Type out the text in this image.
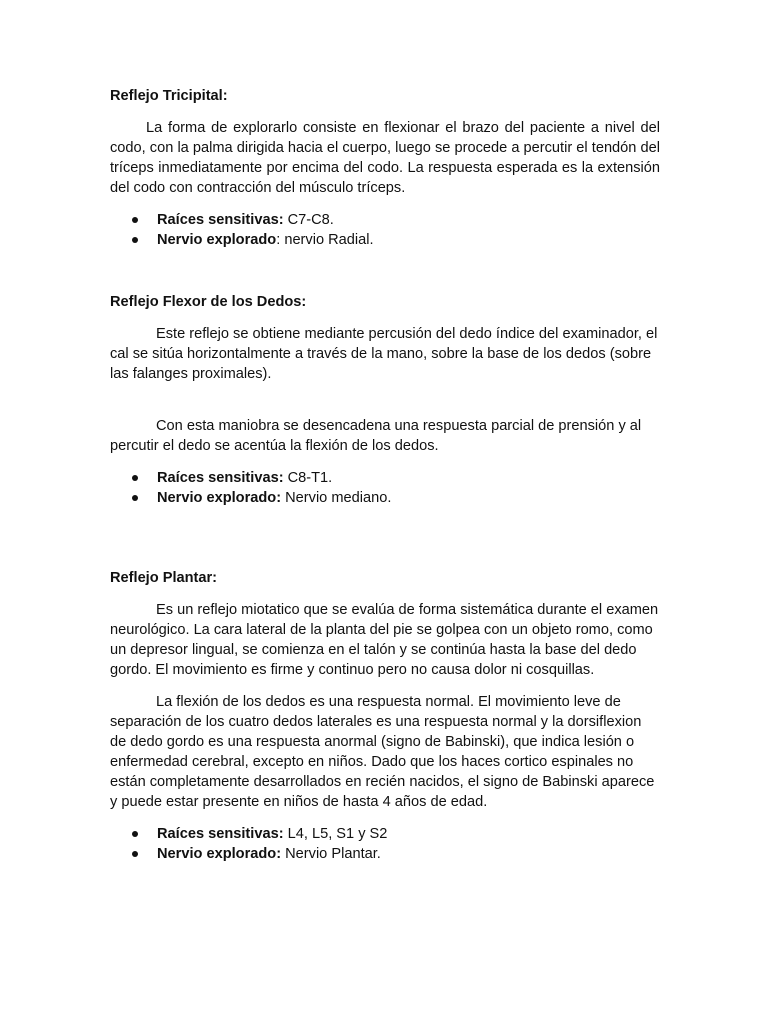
Reflejo Tricipital:

La forma de explorarlo consiste en flexionar el brazo del paciente a nivel del codo, con la palma dirigida hacia el cuerpo, luego se procede a percutir el tendón del tríceps inmediatamente por encima del codo. La respuesta esperada es la extensión del codo con contracción del músculo tríceps.

Raíces sensitivas: C7-C8.
Nervio explorado: nervio Radial.
Reflejo Flexor de los Dedos:

Este reflejo se obtiene mediante percusión del dedo índice del examinador, el cal se sitúa horizontalmente a través de la mano, sobre la base de los dedos (sobre las falanges proximales).

Con esta maniobra se desencadena una respuesta parcial de prensión y al percutir el dedo se acentúa la flexión de los dedos.

Raíces sensitivas: C8-T1.
Nervio explorado: Nervio mediano.
Reflejo Plantar:

Es un reflejo miotatico que se evalúa de forma sistemática durante el examen neurológico. La cara lateral de la planta del pie se golpea con un objeto romo, como un depresor lingual, se comienza en el talón y se continúa hasta la base del dedo gordo. El movimiento es firme y continuo pero no causa dolor ni cosquillas.

La flexión de los dedos es una respuesta normal. El movimiento leve de separación de los cuatro dedos laterales es una respuesta normal y la dorsiflexion de dedo gordo es una respuesta anormal (signo de Babinski), que indica lesión o enfermedad cerebral, excepto en niños. Dado que los haces cortico espinales no están completamente desarrollados en recién nacidos, el signo de Babinski aparece y puede estar presente en niños de hasta 4 años de edad.

Raíces sensitivas: L4, L5, S1 y S2
Nervio explorado: Nervio Plantar.
